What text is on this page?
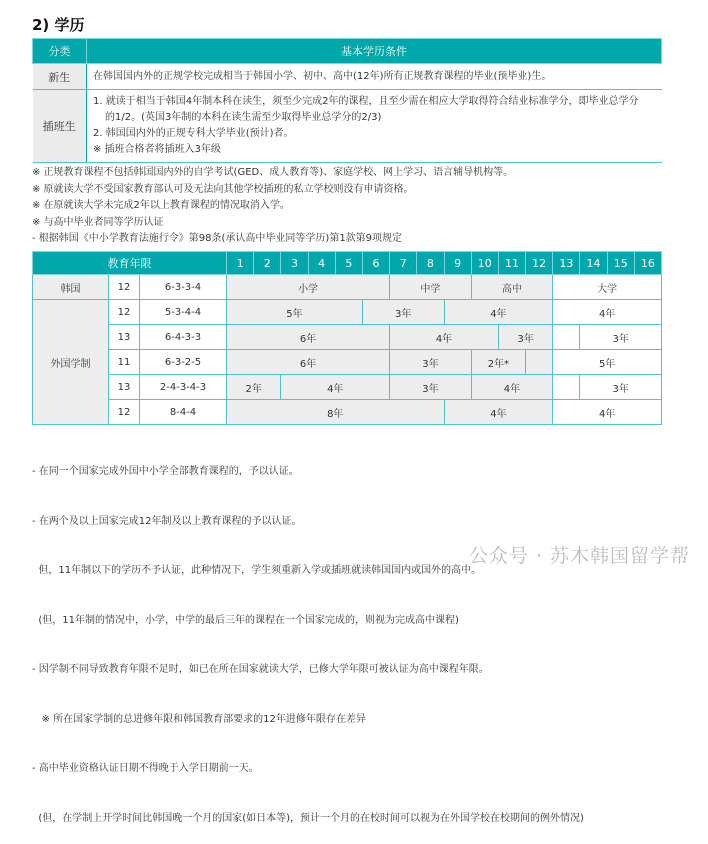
2) 学历
分类	基本学历条件
新生	在韩国国内外的正规学校完成相当于韩国小学、初中、高中(12年)所有正规教育课程的毕业(预毕业)生。
插班生	1. 就读于相当于韩国4年制本科在读生，须至少完成2年的课程，且至少需在相应大学取得符合结业标准学分，即毕业总学分
的1/2。(英国3年制的本科在读生需至少取得毕业总学分的2/3)
2. 韩国国内外的正规专科大学毕业(预计)者。
※ 插班合格者将插班入3年级
※ 正规教育课程不包括韩国国内外的自学考试(GED、成人教育等)、家庭学校、网上学习、语言辅导机构等。
※ 原就读大学不受国家教育部认可及无法向其他学校插班的私立学校则没有申请资格。
※ 在原就读大学未完成2年以上教育课程的情况取消入学。
※ 与高中毕业者同等学历认证
- 根据韩国《中小学教育法施行令》第98条(承认高中毕业同等学历)第1款第9项规定
教育年限			1	2	3	4	5	6	7	8	9	10	11	12	13	14	15	16
韩国	12	6-3-3-4	小学						中学			高中			大学			
外国学制	12	5-3-4-4	5年					3年			4年				4年			
	13	6-4-3-3	6年						4年				3年			3年		
	11	6-3-2-5	6年						3年			2年*			5年			
	13	2-4-3-4-3	2年		4年				3年			4年				3年		
	12	8-4-4	8年								4年				4年			

- 在同一个国家完成外国中小学全部教育课程的，予以认证。

- 在两个及以上国家完成12年制及以上教育课程的予以认证。

但，11年制以下的学历不予认证，此种情况下，学生须重新入学或插班就读韩国国内或国外的高中。

(但，11年制的情况中，小学，中学的最后三年的课程在一个国家完成的，则视为完成高中课程)

- 因学制不同导致教育年限不足时，如已在所在国家就读大学，已修大学年限可被认证为高中课程年限。

※ 所在国家学制的总进修年限和韩国教育部要求的12年进修年限存在差异

- 高中毕业资格认证日期不得晚于入学日期前一天。

(但，在学制上开学时间比韩国晚一个月的国家(如日本等)，预计一个月的在校时间可以视为在外国学校在校期间的例外情况)

公众号 · 苏木韩国留学帮
